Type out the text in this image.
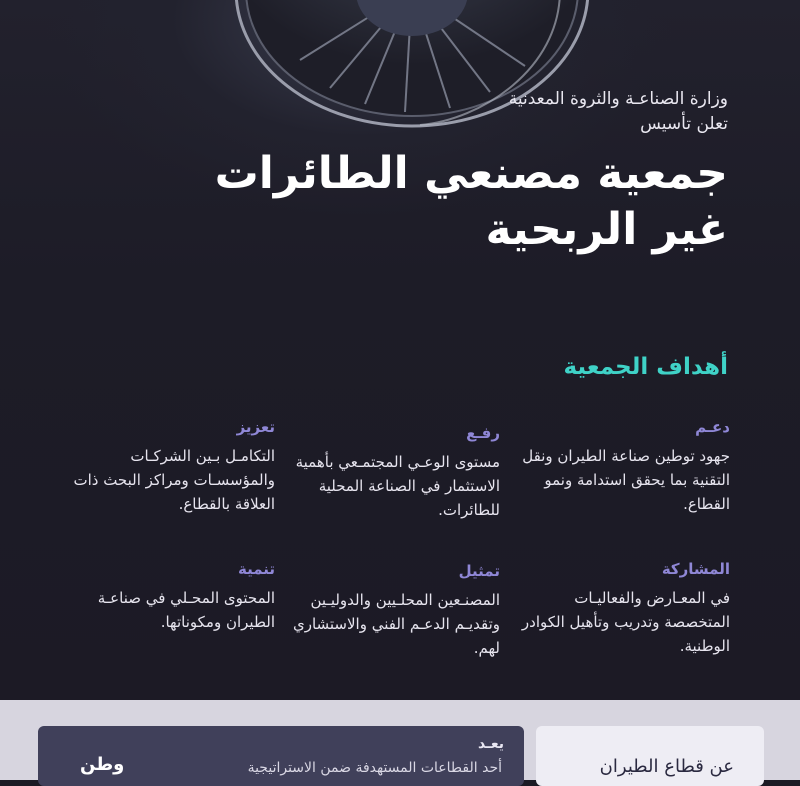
وزارة الصناعـة والثروة المعدنية

تعلن تأسيس

جمعية مصنعي الطائرات
غير الربحية
أهداف الجمعية
دعـم
جهود توطين صناعة الطيران ونقل التقنية بما يحقق استدامة ونمو القطاع.
رفـع
مستوى الوعـي المجتمـعي بأهمية الاستثمار في الصناعة المحلية للطائرات.
تعزيز
التكامـل بـين الشركـات والمؤسسـات ومراكز البحث ذات العلاقة بالقطاع.
المشاركة
في المعـارض والفعاليـات المتخصصة وتدريب وتأهيل الكوادر الوطنية.
تمثيل
المصنـعين المحلـيين والدوليـين وتقديـم الدعـم الفني والاستشاري لهم.
تنمية
المحتوى المحـلي في صناعـة الطيران ومكوناتها.
يعـد
أحد القطاعات المستهدفة ضمن الاستراتيجية
وطن	عن قطاع الطيران
